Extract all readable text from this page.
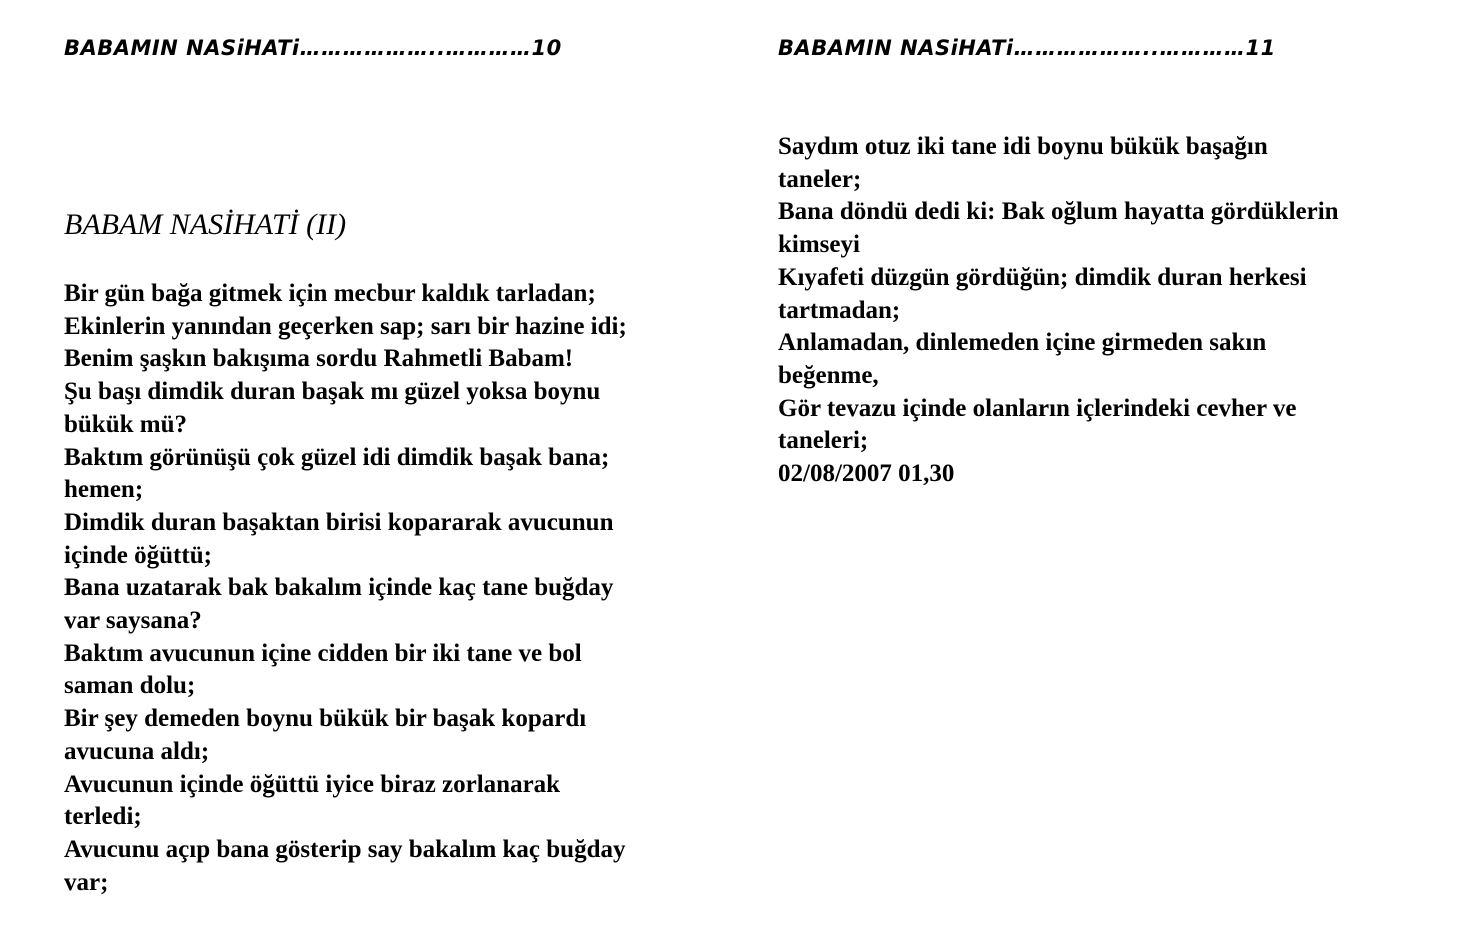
BABAMIN NASiHATi………………..…………10
BABAM NASİHATİ (II)
Bir gün bağa gitmek için mecbur kaldık tarladan;
Ekinlerin yanından geçerken sap; sarı bir hazine idi;
Benim şaşkın bakışıma sordu Rahmetli Babam!
Şu başı dimdik duran başak mı güzel yoksa boynu
bükük mü?
Baktım görünüşü çok güzel idi dimdik başak bana;
hemen;
Dimdik duran başaktan birisi kopararak avucunun
içinde öğüttü;
Bana uzatarak bak bakalım içinde kaç tane buğday
var saysana?
Baktım avucunun içine cidden bir iki tane ve bol
saman dolu;
Bir şey demeden boynu bükük bir başak kopardı
avucuna aldı;
Avucunun içinde öğüttü iyice biraz zorlanarak
terledi;
Avucunu açıp bana gösterip say bakalım kaç buğday
var;
BABAMIN NASiHATi………………..…………11
Saydım otuz iki tane idi boynu bükük başağın
taneler;
Bana döndü dedi ki: Bak oğlum hayatta gördüklerin
kimseyi
Kıyafeti düzgün gördüğün; dimdik duran herkesi
tartmadan;
Anlamadan, dinlemeden içine girmeden sakın
beğenme,
Gör tevazu içinde olanların içlerindeki cevher ve
taneleri;
02/08/2007 01,30
